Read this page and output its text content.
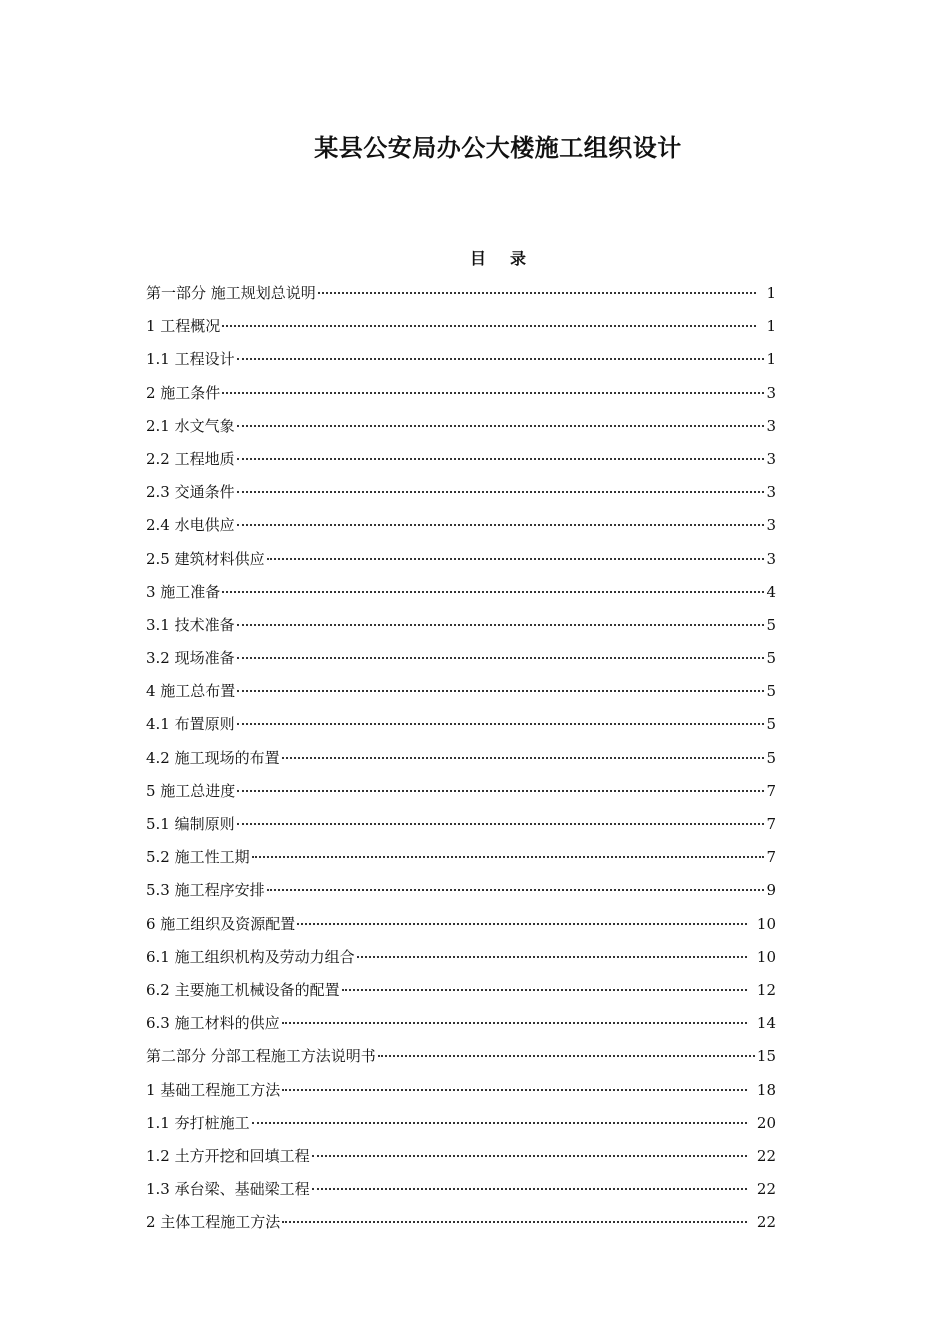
某县公安局办公大楼施工组织设计
目 录
第一部分 施工规划总说明	1
1 工程概况	1
1.1 工程设计	1
2 施工条件	3
2.1 水文气象	3
2.2 工程地质	3
2.3 交通条件	3
2.4 水电供应	3
2.5 建筑材料供应	3
3 施工准备	4
3.1 技术准备	5
3.2 现场准备	5
4 施工总布置	5
4.1 布置原则	5
4.2 施工现场的布置	5
5 施工总进度	7
5.1 编制原则	7
5.2 施工性工期	7
5.3 施工程序安排	9
6 施工组织及资源配置	10
6.1 施工组织机构及劳动力组合	10
6.2 主要施工机械设备的配置	12
6.3 施工材料的供应	14
第二部分 分部工程施工方法说明书	15
1 基础工程施工方法	18
1.1 夯打桩施工	20
1.2 土方开挖和回填工程	22
1.3 承台梁、基础梁工程	22
2 主体工程施工方法	22
